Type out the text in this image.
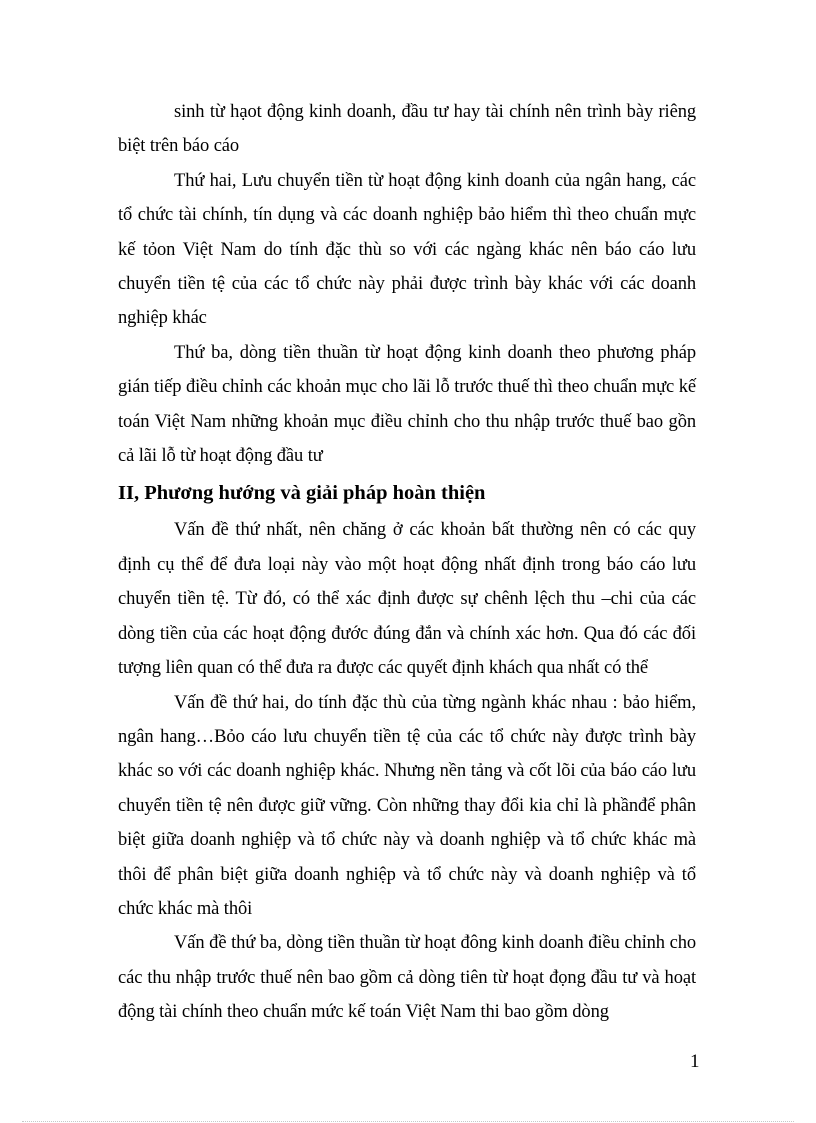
sinh từ hạot động kinh doanh, đầu tư hay tài chính nên trình bày riêng biệt trên báo cáo

Thứ hai, Lưu chuyển tiền từ hoạt động kinh doanh của ngân hang, các tổ chức tài chính, tín dụng và các doanh nghiệp bảo hiểm thì theo chuẩn mực kế tỏon Việt Nam do tính đặc thù so với các ngàng khác nên báo cáo lưu chuyển tiền tệ của các tổ chức này phải được trình bày khác với các doanh nghiệp khác

Thứ ba, dòng tiền thuần từ hoạt động kinh doanh theo phương pháp gián tiếp điều chỉnh các khoản mục cho lãi lỗ trước thuế thì theo chuẩn mực kế toán Việt Nam những khoản mục điều chỉnh cho thu nhập trước thuế bao gồn cả lãi lỗ từ hoạt động đầu tư

II, Phương hướng và giải pháp hoàn thiện

Vấn đề thứ nhất, nên chăng ở các khoản bất thường nên có các quy định cụ thể để đưa loại này vào một hoạt động nhất định trong báo cáo lưu chuyển tiền tệ. Từ đó, có thể xác định được sự chênh lệch thu –chi của các dòng tiền của các hoạt động đước đúng đắn và chính xác hơn. Qua đó các đối tượng liên quan có thể đưa ra được các quyết định khách qua nhất có thể

Vấn đề thứ hai, do tính đặc thù của từng ngành khác nhau : bảo hiểm, ngân hang…Bỏo cáo lưu chuyển tiền tệ của các tổ chức này được trình bày khác so với các doanh nghiệp khác. Nhưng nền tảng và cốt lõi của báo cáo lưu chuyển tiền tệ nên được giữ vững. Còn những thay đổi kia chỉ là phầnđể phân biệt giữa doanh nghiệp và tổ chức này và doanh nghiệp và tổ chức khác mà thôi để phân biệt giữa doanh nghiệp và tổ chức này và doanh nghiệp và tổ chức khác mà thôi

Vấn đề thứ ba, dòng tiền thuần từ hoạt đông kinh doanh điều chỉnh cho các thu nhập trước thuế nên bao gồm cả dòng tiên từ hoạt đọng đầu tư và hoạt động tài chính theo chuẩn mức kế toán Việt Nam thi bao gồm dòng

1
